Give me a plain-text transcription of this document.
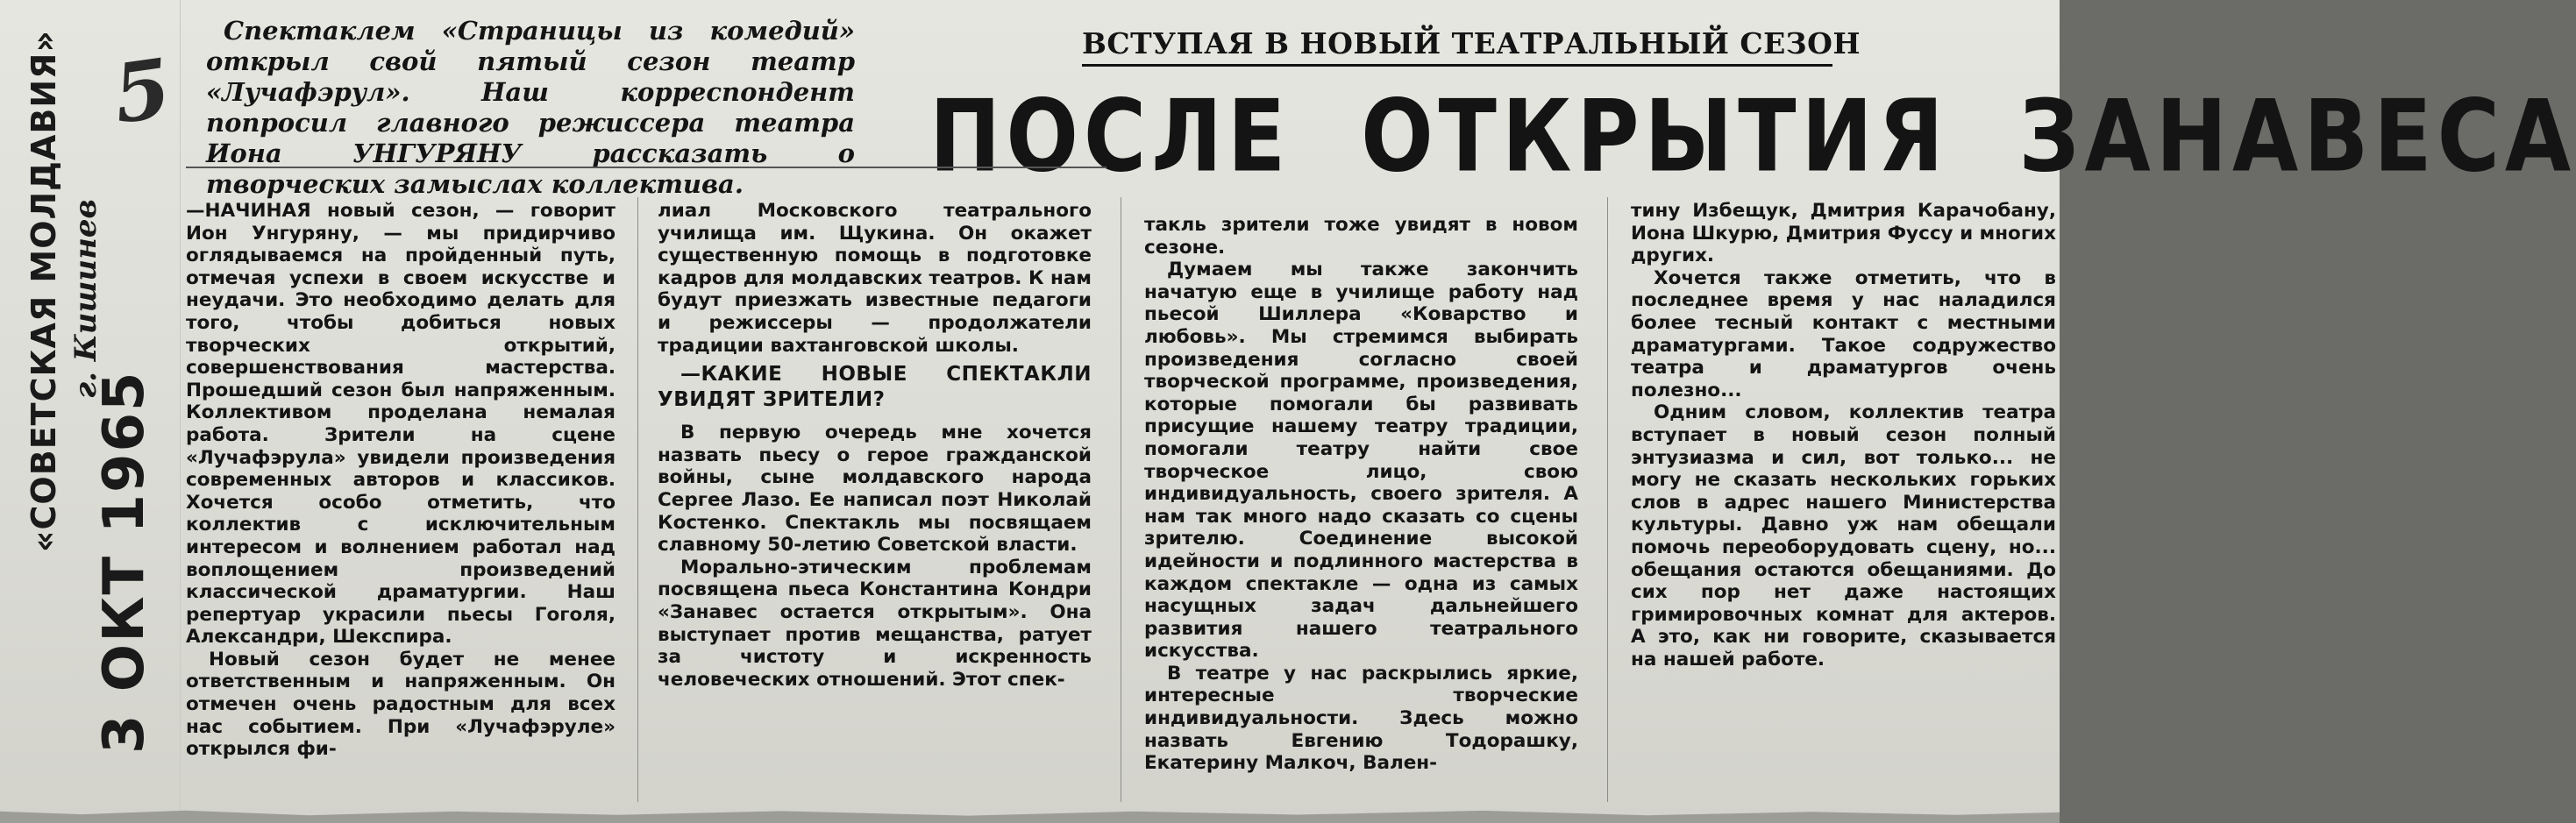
«СОВЕТСКАЯ МОЛДАВИЯ» г. Кишинев
3 ОКТ 1965
5
Спектаклем «Страницы из комедий» открыл свой пятый сезон театр «Лучафэрул». Наш корреспондент попросил главного режиссера театра Иона УНГУРЯНУ рассказать о творческих замыслах коллектива.
ВСТУПАЯ В НОВЫЙ ТЕАТРАЛЬНЫЙ СЕЗОН
ПОСЛЕ ОТКРЫТИЯ ЗАНАВЕСА

—НАЧИНАЯ новый сезон, — говорит Ион Унгуряну, — мы придирчиво оглядываемся на пройденный путь, отмечая успехи в своем искусстве и неудачи. Это необходимо делать для того, чтобы добиться новых творческих открытий, совершенствования мастерства. Прошедший сезон был напряженным. Коллективом проделана немалая работа. Зрители на сцене «Лучафэрула» увидели произведения современных авторов и классиков. Хочется особо отметить, что коллектив с исключительным интересом и волнением работал над воплощением произведений классической драматургии. Наш репертуар украсили пьесы Гоголя, Александри, Шекспира.

Новый сезон будет не менее ответственным и напряженным. Он отмечен очень радостным для всех нас событием. При «Лучафэруле» открылся фи-

лиал Московского театрального училища им. Щукина. Он окажет существенную помощь в подготовке кадров для молдавских театров. К нам будут приезжать известные педагоги и режиссеры — продолжатели традиции вахтанговской школы.

—КАКИЕ НОВЫЕ СПЕКТАКЛИ УВИДЯТ ЗРИТЕЛИ?

В первую очередь мне хочется назвать пьесу о герое гражданской войны, сыне молдавского народа Сергее Лазо. Ее написал поэт Николай Костенко. Спектакль мы посвящаем славному 50-летию Советской власти.

Морально-этическим проблемам посвящена пьеса Константина Кондри «Занавес остается открытым». Она выступает против мещанства, ратует за чистоту и искренность человеческих отношений. Этот спек-

такль зрители тоже увидят в новом сезоне.

Думаем мы также закончить начатую еще в училище работу над пьесой Шиллера «Коварство и любовь». Мы стремимся выбирать произведения согласно своей творческой программе, произведения, которые помогали бы развивать присущие нашему театру традиции, помогали театру найти свое творческое лицо, свою индивидуальность, своего зрителя. А нам так много надо сказать со сцены зрителю. Соединение высокой идейности и подлинного мастерства в каждом спектакле — одна из самых насущных задач дальнейшего развития нашего театрального искусства.

В театре у нас раскрылись яркие, интересные творческие индивидуальности. Здесь можно назвать Евгению Тодорашку, Екатерину Малкоч, Вален-

тину Избещук, Дмитрия Карачобану, Иона Шкурю, Дмитрия Фуссу и многих других.

Хочется также отметить, что в последнее время у нас наладился более тесный контакт с местными драматургами. Такое содружество театра и драматургов очень полезно...

Одним словом, коллектив театра вступает в новый сезон полный энтузиазма и сил, вот только... не могу не сказать нескольких горьких слов в адрес нашего Министерства культуры. Давно уж нам обещали помочь переоборудовать сцену, но... обещания остаются обещаниями. До сих пор нет даже настоящих гримировочных комнат для актеров. А это, как ни говорите, сказывается на нашей работе.
